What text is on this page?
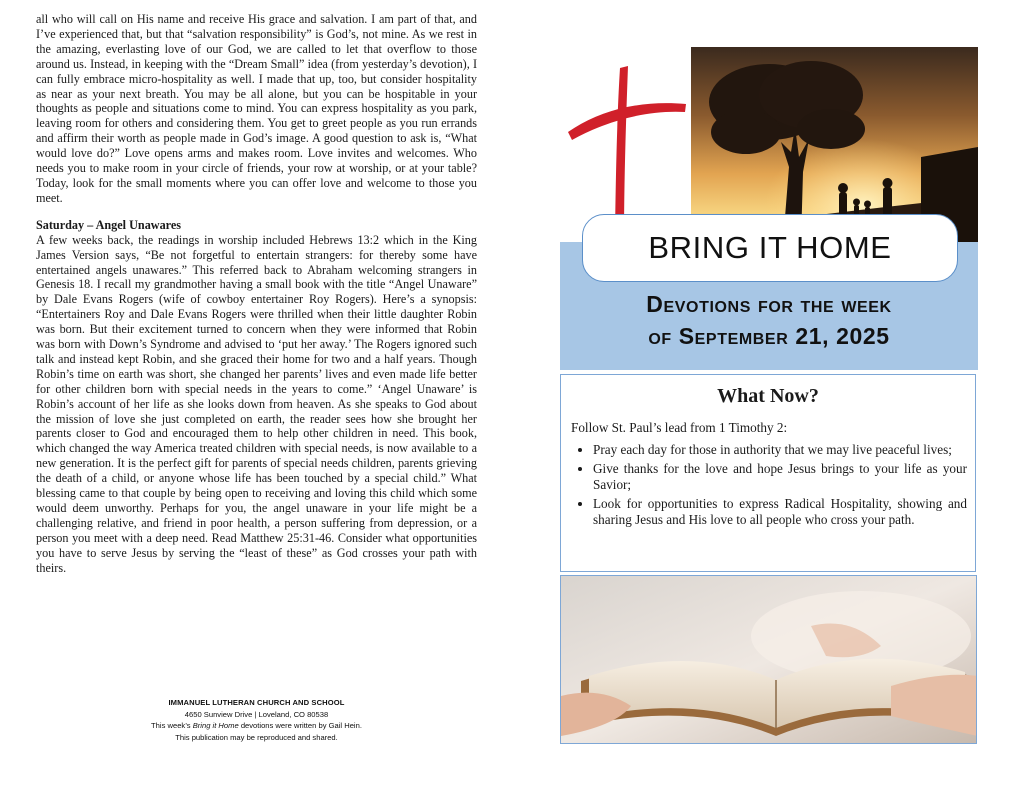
all who will call on His name and receive His grace and salvation. I am part of that, and I’ve experienced that, but that “salvation responsibility” is God’s, not mine. As we rest in the amazing, everlasting love of our God, we are called to let that overflow to those around us. Instead, in keeping with the “Dream Small” idea (from yesterday’s devotion), I can fully embrace micro-hospitality as well. I made that up, too, but consider hospitality as near as your next breath. You may be all alone, but you can be hospitable in your thoughts as people and situations come to mind. You can express hospitality as you park, leaving room for others and considering them. You get to greet people as you run errands and affirm their worth as people made in God’s image. A good question to ask is, “What would love do?” Love opens arms and makes room. Love invites and welcomes. Who needs you to make room in your circle of friends, your row at worship, or at your table? Today, look for the small moments where you can offer love and welcome to those you meet.

Saturday – Angel Unawares

A few weeks back, the readings in worship included Hebrews 13:2 which in the King James Version says, “Be not forgetful to entertain strangers: for thereby some have entertained angels unawares.” This referred back to Abraham welcoming strangers in Genesis 18. I recall my grandmother having a small book with the title “Angel Unaware” by Dale Evans Rogers (wife of cowboy entertainer Roy Rogers). Here’s a synopsis: “Entertainers Roy and Dale Evans Rogers were thrilled when their little daughter Robin was born. But their excitement turned to concern when they were informed that Robin was born with Down’s Syndrome and advised to ‘put her away.’ The Rogers ignored such talk and instead kept Robin, and she graced their home for two and a half years. Though Robin’s time on earth was short, she changed her parents’ lives and even made life better for other children born with special needs in the years to come.” ‘Angel Unaware’ is Robin’s account of her life as she looks down from heaven. As she speaks to God about the mission of love she just completed on earth, the reader sees how she brought her parents closer to God and encouraged them to help other children in need. This book, which changed the way America treated children with special needs, is now available to a new generation. It is the perfect gift for parents of special needs children, parents grieving the death of a child, or anyone whose life has been touched by a special child.” What blessing came to that couple by being open to receiving and loving this child which some would deem unworthy. Perhaps for you, the angel unaware in your life might be a challenging relative, and friend in poor health, a person suffering from depression, or a person you meet with a deep need. Read Matthew 25:31-46. Consider what opportunities you have to serve Jesus by serving the “least of these” as God crosses your path with theirs.

IMMANUEL LUTHERAN CHURCH AND SCHOOL
4650 Sunview Drive | Loveland, CO 80538
This week’s Bring it Home devotions were written by Gail Hein.
This publication may be reproduced and shared.
BRING IT HOME
Devotions for the week
of September 21, 2025
What Now?

Follow St. Paul’s lead from 1 Timothy 2:

• Pray each day for those in authority that we may live peaceful lives;
• Give thanks for the love and hope Jesus brings to your life as your Savior;
• Look for opportunities to express Radical Hospitality, showing and sharing Jesus and His love to all people who cross your path.
